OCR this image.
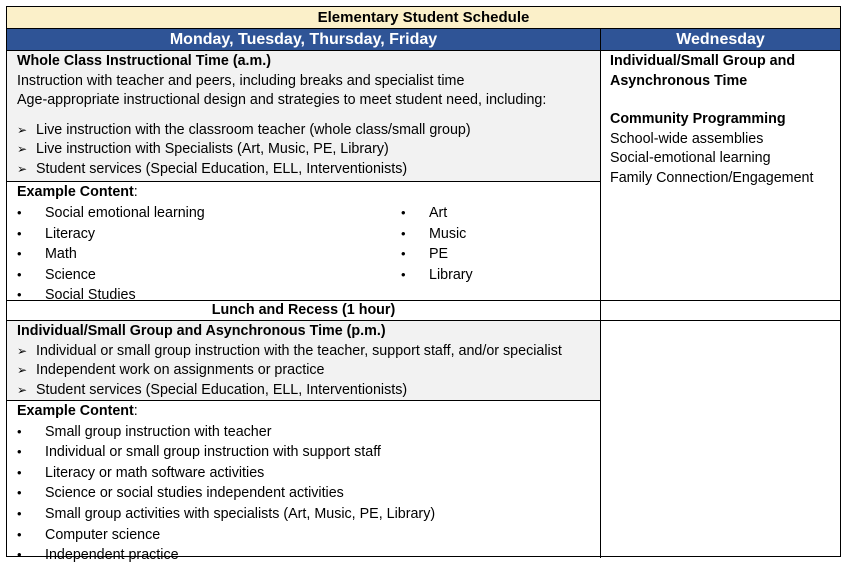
Elementary Student Schedule
Monday, Tuesday, Thursday, Friday	Wednesday
Whole Class Instructional Time (a.m.)
Instruction with teacher and peers, including breaks and specialist time
Age-appropriate instructional design and strategies to meet student need, including:
➢ Live instruction with the classroom teacher (whole class/small group)
➢ Live instruction with Specialists (Art, Music, PE, Library)
➢ Student services (Special Education, ELL, Interventionists)
Example Content:
• Social emotional learning
• Literacy
• Math
• Science
• Social Studies
• Art
• Music
• PE
• Library
Lunch and Recess (1 hour)
Individual/Small Group and Asynchronous Time (p.m.)
➢ Individual or small group instruction with the teacher, support staff, and/or specialist
➢ Independent work on assignments or practice
➢ Student services (Special Education, ELL, Interventionists)
Example Content:
• Small group instruction with teacher
• Individual or small group instruction with support staff
• Literacy or math software activities
• Science or social studies independent activities
• Small group activities with specialists (Art, Music, PE, Library)
• Computer science
• Independent practice
Individual/Small Group and
Asynchronous Time
Community Programming
School-wide assemblies
Social-emotional learning
Family Connection/Engagement
